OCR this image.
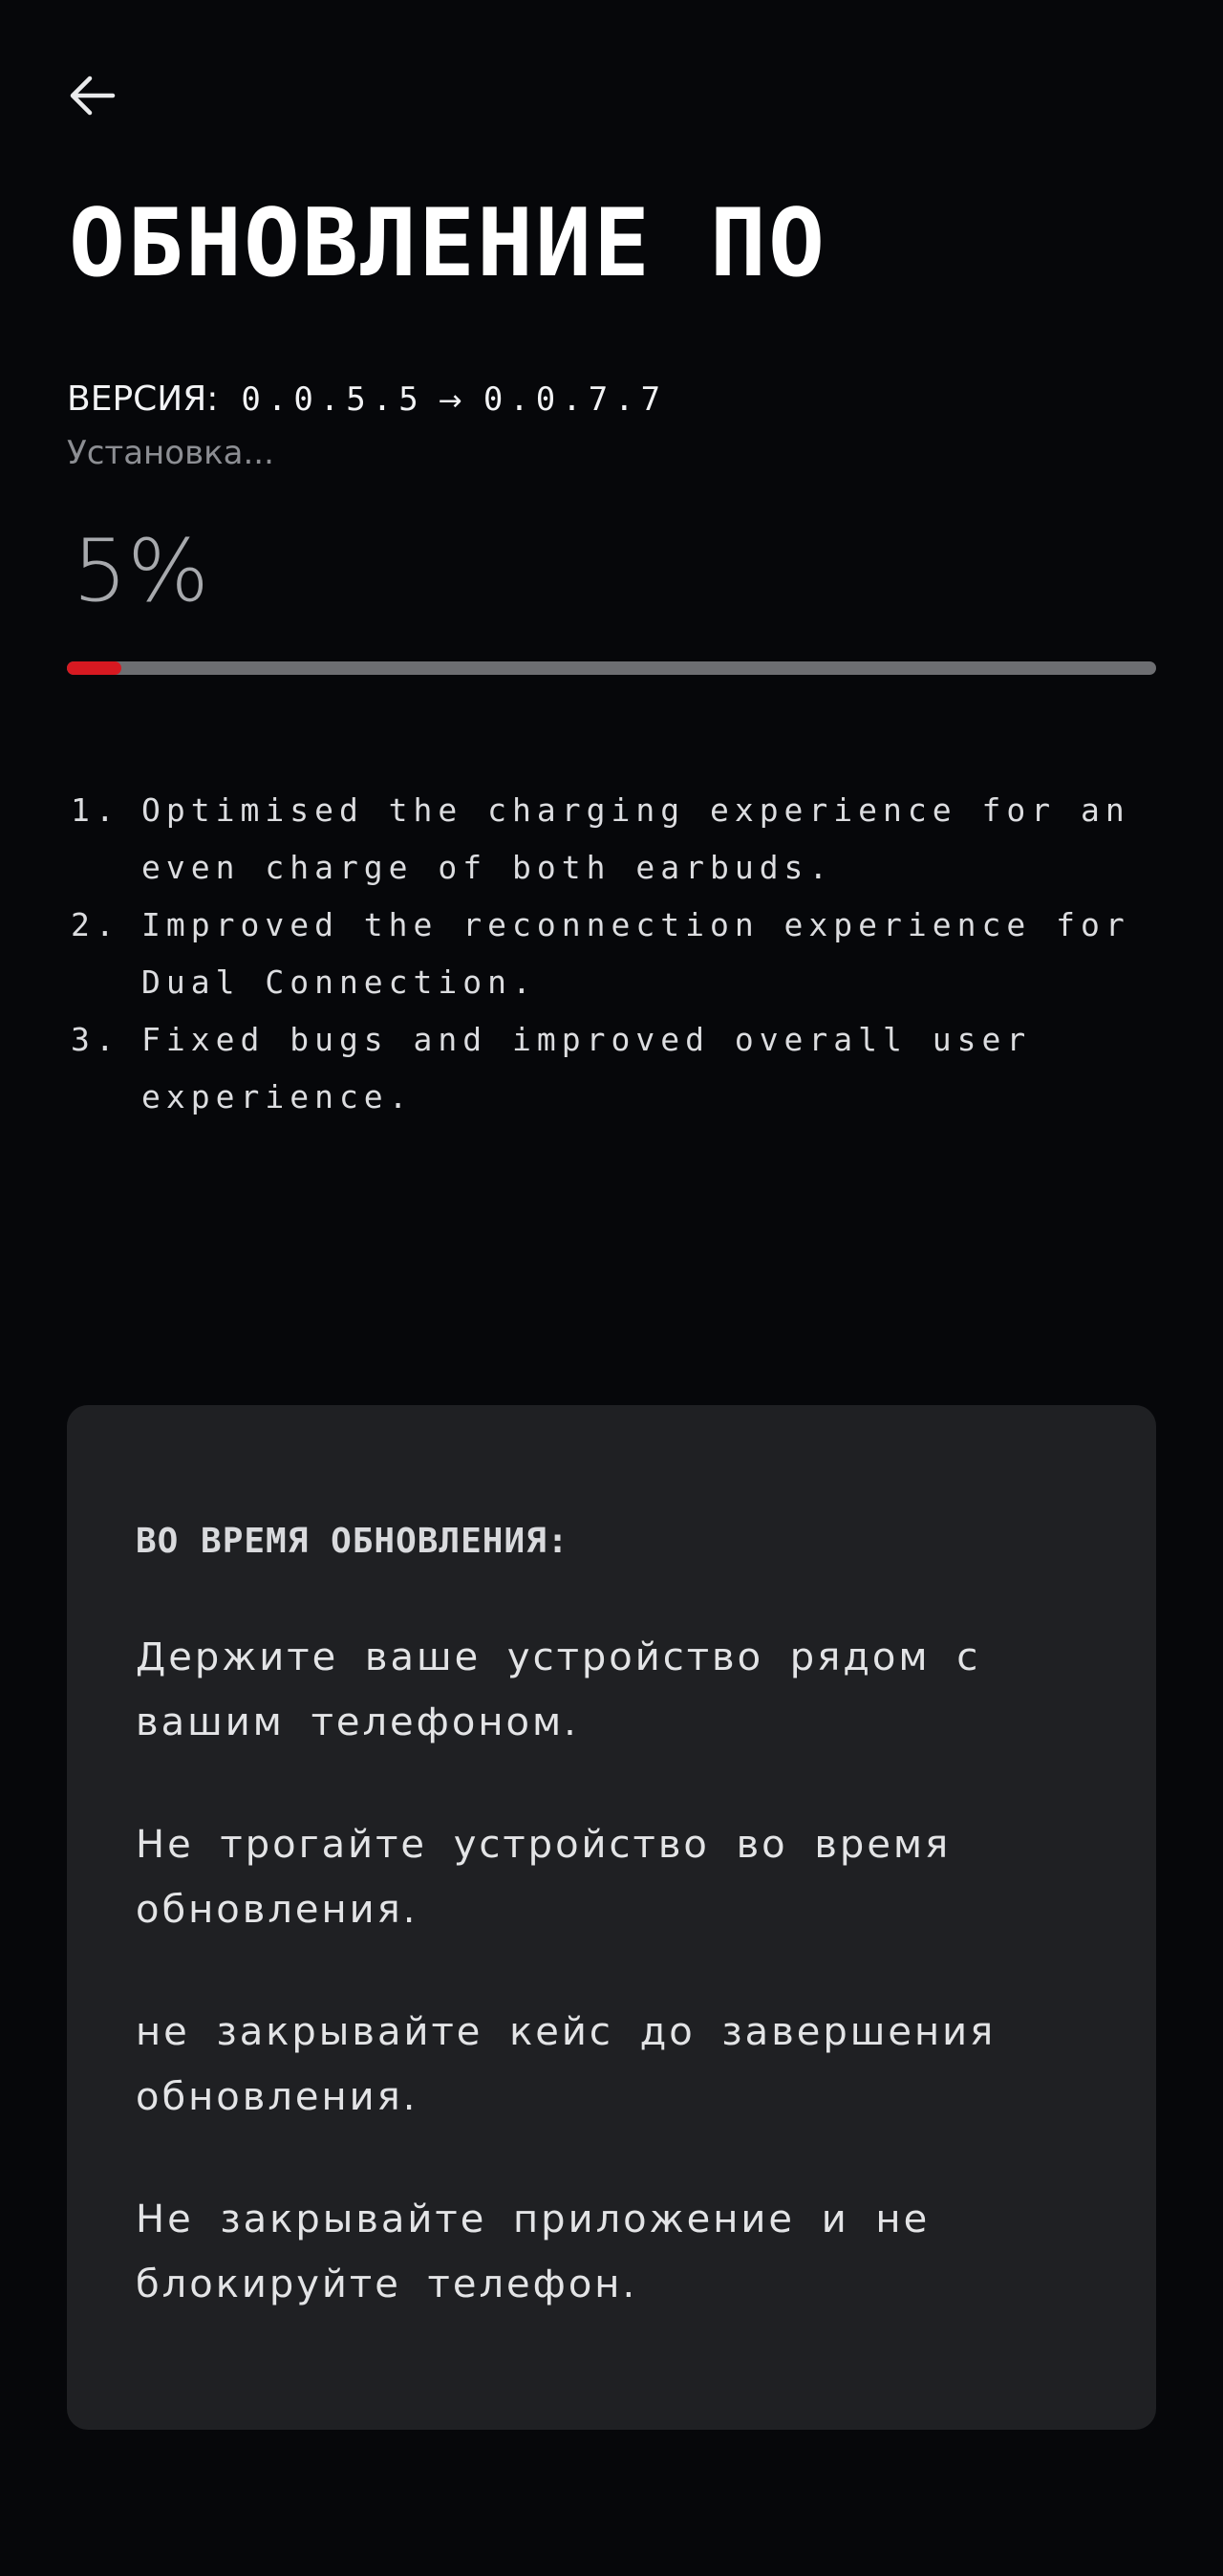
ОБНОВЛЕНИЕ ПО
ВЕРСИЯ: 0.0.5.5 → 0.0.7.7
Установка...
5%
1. Optimised the charging experience for an even charge of both earbuds.
2. Improved the reconnection experience for Dual Connection.
3. Fixed bugs and improved overall user experience.
ВО ВРЕМЯ ОБНОВЛЕНИЯ:

Держите ваше устройство рядом с вашим телефоном.

Не трогайте устройство во время обновления.

не закрывайте кейс до завершения обновления.

Не закрывайте приложение и не блокируйте телефон.
